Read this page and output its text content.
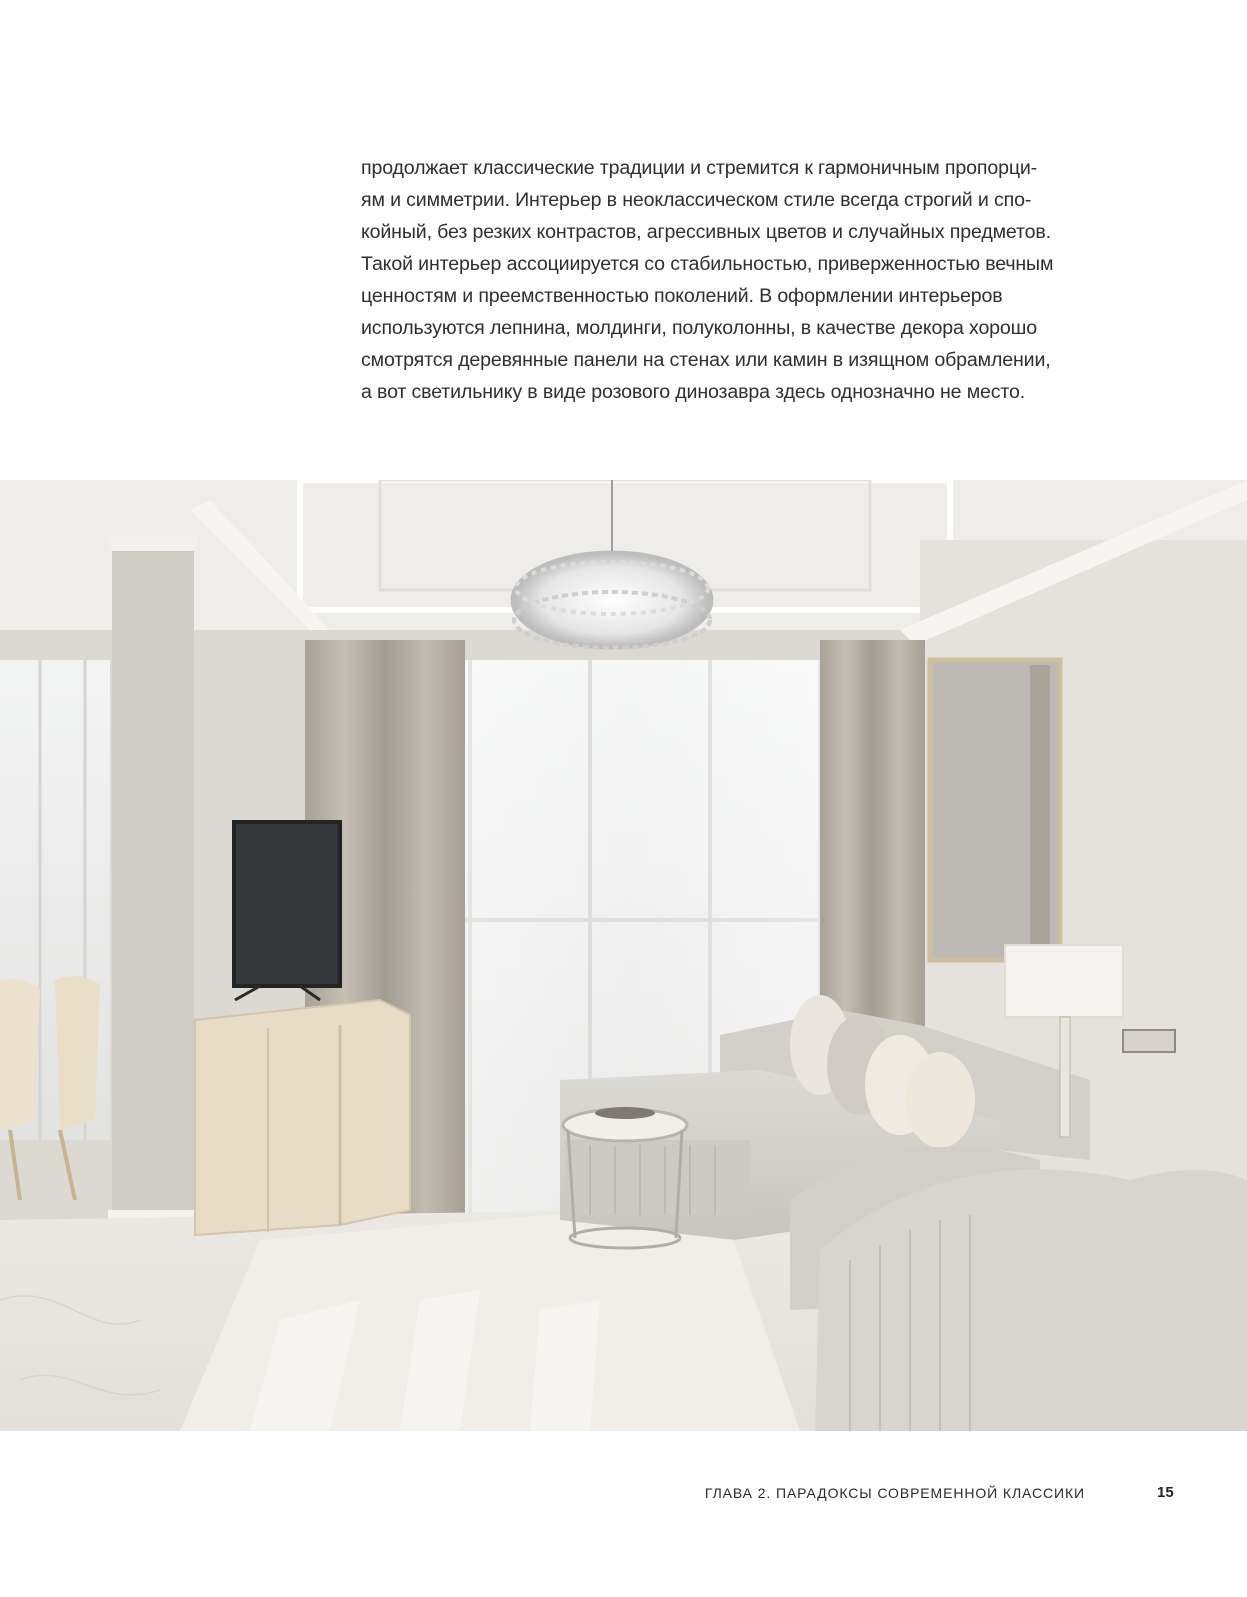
продолжает классические традиции и стремится к гармоничным пропорци-
ям и симметрии. Интерьер в неоклассическом стиле всегда строгий и спо-
койный, без резких контрастов, агрессивных цветов и случайных предметов.
Такой интерьер ассоциируется со стабильностью, приверженностью вечным
ценностям и преемственностью поколений. В оформлении интерьеров
используются лепнина, молдинги, полуколонны, в качестве декора хорошо
смотрятся деревянные панели на стенах или камин в изящном обрамлении,
а вот светильнику в виде розового динозавра здесь однозначно не место.

ГЛАВА 2. ПАРАДОКСЫ СОВРЕМЕННОЙ КЛАССИКИ	15
